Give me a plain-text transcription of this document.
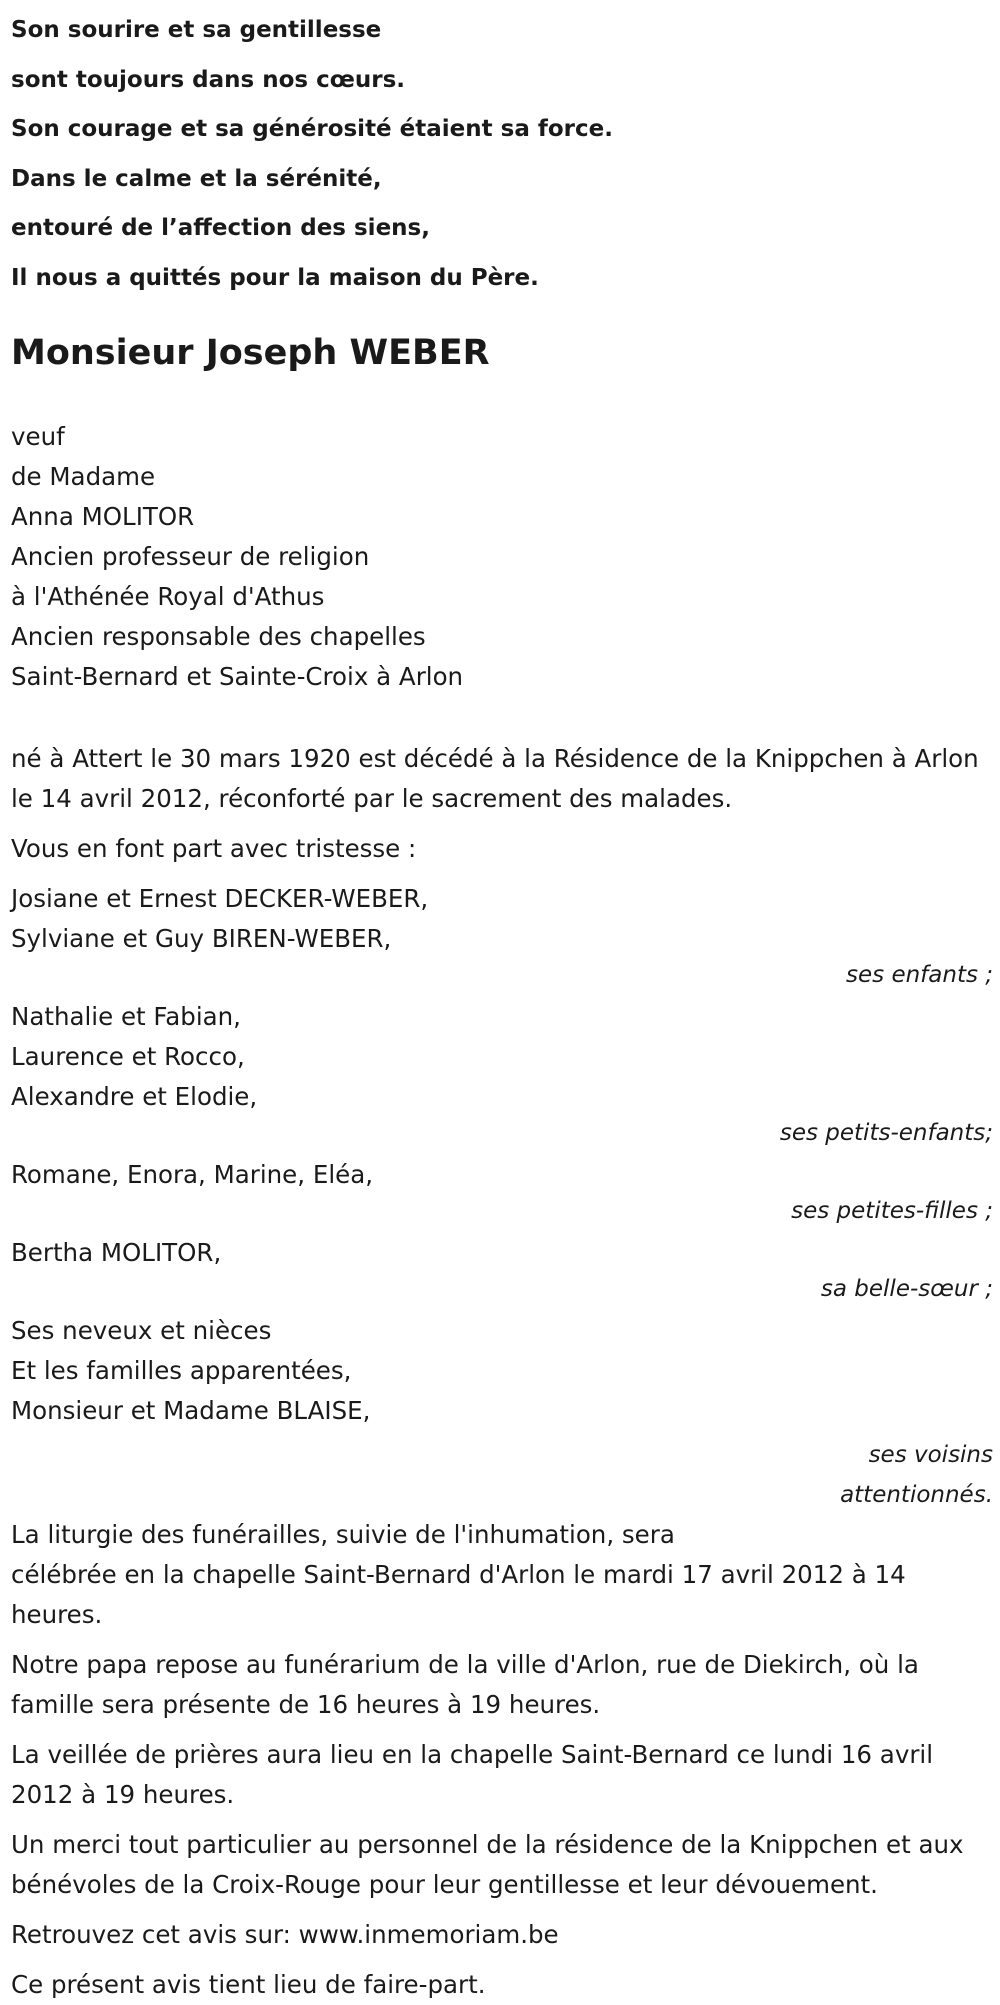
Son sourire et sa gentillesse
sont toujours dans nos cœurs.
Son courage et sa générosité étaient sa force.
Dans le calme et la sérénité,
entouré de l’affection des siens,
Il nous a quittés pour la maison du Père.
Monsieur Joseph WEBER
veuf
de Madame
Anna MOLITOR
Ancien professeur de religion
à l'Athénée Royal d'Athus
Ancien responsable des chapelles
Saint-Bernard et Sainte-Croix à Arlon
né à Attert le 30 mars 1920 est décédé à la Résidence de la Knippchen à Arlon le 14 avril 2012, réconforté par le sacrement des malades.
Vous en font part avec tristesse :
Josiane et Ernest DECKER-WEBER,
Sylviane et Guy BIREN-WEBER,
ses enfants ;
Nathalie et Fabian,
Laurence et Rocco,
Alexandre et Elodie,
ses petits-enfants;
Romane, Enora, Marine, Eléa,
ses petites-filles ;
Bertha MOLITOR,
sa belle-sœur ;
Ses neveux et nièces
Et les familles apparentées,
Monsieur et Madame BLAISE,
ses voisins
attentionnés.
La liturgie des funérailles, suivie de l'inhumation, sera
célébrée en la chapelle Saint-Bernard d'Arlon le mardi 17 avril 2012 à 14 heures.
Notre papa repose au funérarium de la ville d'Arlon, rue de Diekirch, où la famille sera présente de 16 heures à 19 heures.
La veillée de prières aura lieu en la chapelle Saint-Bernard ce lundi 16 avril 2012 à 19 heures.
Un merci tout particulier au personnel de la résidence de la Knippchen et aux bénévoles de la Croix-Rouge pour leur gentillesse et leur dévouement.
Retrouvez cet avis sur: www.inmemoriam.be
Ce présent avis tient lieu de faire-part.
